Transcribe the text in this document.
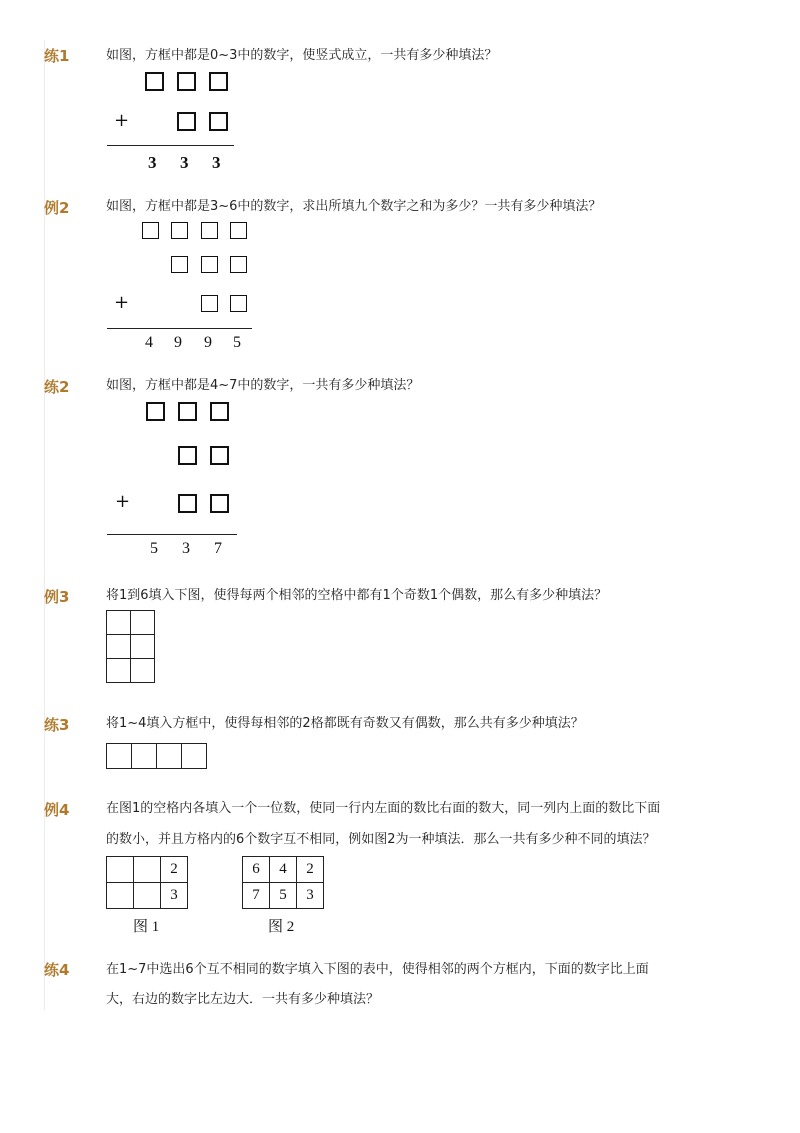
练1	如图，方框中都是0~3中的数字，使竖式成立，一共有多少种填法？
+
3 3 3
例2	如图，方框中都是3~6中的数字，求出所填九个数字之和为多少？一共有多少种填法？
+
4 9 9 5
练2	如图，方框中都是4~7中的数字，一共有多少种填法？
+
5 3 7
例3	将1到6填入下图，使得每两个相邻的空格中都有1个奇数1个偶数，那么有多少种填法？

练3	将1~4填入方框中，使得每相邻的2格都既有奇数又有偶数，那么共有多少种填法？

例4	在图1的空格内各填入一个一位数，使同一行内左面的数比右面的数大，同一列内上面的数比下面
的数小，并且方格内的6个数字互不相同，例如图2为一种填法．那么一共有多少种不同的填法？
		2
		3
图 1
6	4	2
7	5	3
图 2
练4	在1~7中选出6个互不相同的数字填入下图的表中，使得相邻的两个方框内，下面的数字比上面
大，右边的数字比左边大．一共有多少种填法？
